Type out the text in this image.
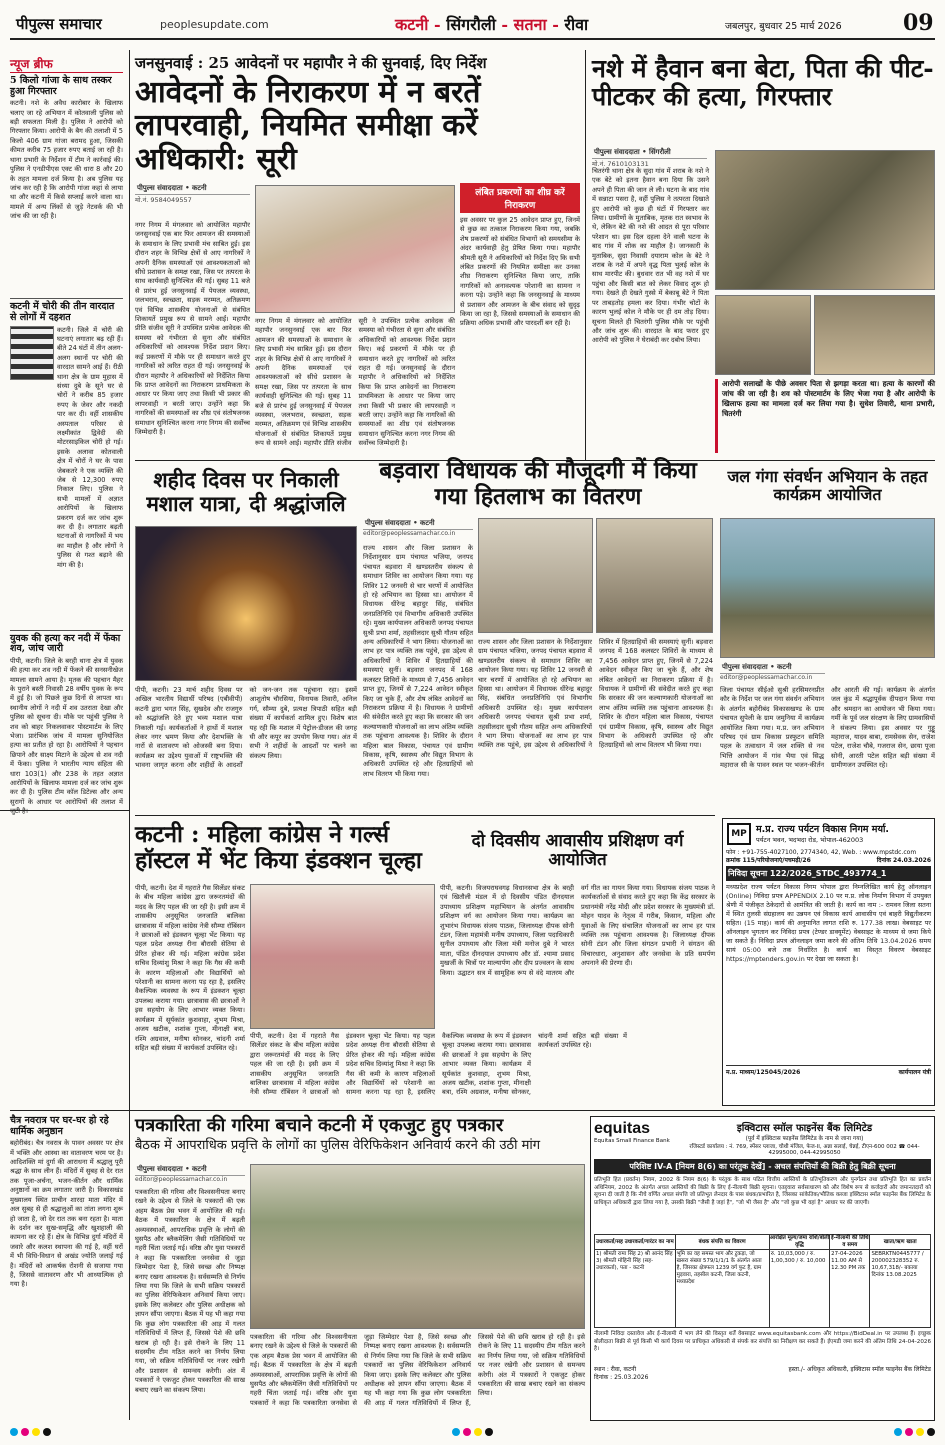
पीपुल्स समाचार	peoplesupdate.com	कटनी - सिंगरौली - सतना - रीवा	जबलपुर, बुधवार 25 मार्च 2026	09
न्यूज ब्रीफ
5 किलो गांजा के साथ तस्कर हुआ गिरफ्तार
कटनी। नशे के अवैध कारोबार के खिलाफ चलाए जा रहे अभियान में कोतवाली पुलिस को बड़ी सफलता मिली है। पुलिस ने आरोपी को गिरफ्तार किया। आरोपी के बैग की तलाशी में 5 किलो 406 ग्राम गांजा बरामद हुआ, जिसकी कीमत करीब 75 हजार रुपए बताई जा रही है। थाना प्रभारी के निर्देशन में टीम ने कार्रवाई की। पुलिस ने एनडीपीएस एक्ट की धारा 8 और 20 के तहत मामला दर्ज किया है। अब पुलिस यह जांच कर रही है कि आरोपी गांजा कहां से लाया था और कटनी में किसे सप्लाई करने वाला था। मामले में अन्य लिंकों से जुड़े नेटवर्क की भी जांच की जा रही है।
कटनी में चोरी की तीन वारदात से लोगों में दहशत
कटनी। जिले में चोरी की घटनाएं लगातार बढ़ रही हैं। बीते 24 घंटों में तीन अलग-अलग स्थानों पर चोरी की वारदात सामने आई हैं। रीठी थाना क्षेत्र के ग्राम मुहास में संध्या दुबे के सूने घर से चोरों ने करीब 85 हजार रुपए के जेवर और नकदी पार कर दी। वहीं शासकीय अस्पताल परिसर से लक्ष्मीकांत द्विवेदी की मोटरसाइकिल चोरी हो गई। इसके अलावा कोतवाली क्षेत्र में चोरों ने घर के पास जेबकतरे ने एक व्यक्ति की जेब से 12,300 रुपए निकाल लिए। पुलिस ने सभी मामलों में अज्ञात आरोपियों के खिलाफ प्रकरण दर्ज कर जांच शुरू कर दी है। लगातार बढ़ती घटनाओं से नागरिकों में भय का माहौल है और लोगों ने पुलिस से गश्त बढ़ाने की मांग की है।
युवक की हत्या कर नदी में फेंका शव, जांच जारी
पीपी, कटनी। जिले के बरही थाना क्षेत्र में युवक की हत्या कर शव नदी में फेंकने की सनसनीखेज मामला सामने आया है। मृतक की पहचान मैहर के पुराने बस्ती निवासी 28 वर्षीय युवक के रूप में हुई है। जो पिछले कुछ दिनों से लापता था। स्थानीय लोगों ने नदी में शव उतराता देखा और पुलिस को सूचना दी। मौके पर पहुंची पुलिस ने शव को बाहर निकलवाकर पोस्टमार्टम के लिए भेजा। प्रारंभिक जांच में मामला सुनियोजित हत्या का प्रतीत हो रहा है। आरोपियों ने पहचान छिपाने और साक्ष्य मिटाने के उद्देश्य से शव नदी में फेंका। पुलिस ने भारतीय न्याय संहिता की धारा 103(1) और 238 के तहत अज्ञात आरोपियों के खिलाफ मामला दर्ज कर जांच शुरू कर दी है। पुलिस टीम कॉल डिटेल्स और अन्य सुरागों के आधार पर आरोपियों की तलाश में जुटी है।
चैत्र नवरात्र पर घर-घर हो रहे धार्मिक अनुष्ठान
बहोरीबंद। चैत्र नवरात्र के पावन अवसर पर क्षेत्र में भक्ति और आस्था का वातावरण चरम पर है। आदिशक्ति मां दुर्गा की आराधना में श्रद्धालु पूरी श्रद्धा के साथ लीन हैं। मंदिरों में सुबह से देर रात तक पूजा-अर्चना, भजन-कीर्तन और धार्मिक अनुष्ठानों का क्रम लगातार जारी है। विकासखंड मुख्यालय स्थित प्राचीन शारदा माता मंदिर में अल सुबह से ही श्रद्धालुओं का तांता लगना शुरू हो जाता है, जो देर रात तक बना रहता है। माता के दर्शन कर सुख-समृद्धि और खुशहाली की कामना कर रहे हैं। क्षेत्र के विभिन्न दुर्गा मंदिरों में जवारे और कलश स्थापना की गई है, वहीं घरों में भी विधि-विधान से अखंड ज्योति जलाई गई है। मंदिरों को आकर्षक रोशनी से सजाया गया है, जिससे वातावरण और भी आध्यात्मिक हो गया है।
जनसुनवाई : 25 आवेदनों पर महापौर ने की सुनवाई, दिए निर्देश
आवेदनों के निराकरण में न बरतें लापरवाही, नियमित समीक्षा करें अधिकारी: सूरी
पीपुल्स संवाददाता • कटनी
मो.नं. 9584049557
नगर निगम में मंगलवार को आयोजित महापौर जनसुनवाई एक बार फिर आमजन की समस्याओं के समाधान के लिए प्रभावी मंच साबित हुई। इस दौरान शहर के विभिन्न क्षेत्रों से आए नागरिकों ने अपनी दैनिक समस्याओं एवं आवश्यकताओं को सीधे प्रशासन के समक्ष रखा, जिस पर तत्परता के साथ कार्यवाही सुनिश्चित की गई। सुबह 11 बजे से प्रारंभ हुई जनसुनवाई में पेयजल व्यवस्था, जलभराव, स्वच्छता, सड़क मरम्मत, अतिक्रमण एवं विभिन्न शासकीय योजनाओं से संबंधित शिकायतें प्रमुख रूप से सामने आईं। महापौर प्रीति संजीव सूरी ने उपस्थित प्रत्येक आवेदक की समस्या को गंभीरता से सुना और संबंधित अधिकारियों को आवश्यक निर्देश प्रदान किए। कई प्रकरणों में मौके पर ही समाधान करते हुए नागरिकों को त्वरित राहत दी गई। जनसुनवाई के दौरान महापौर ने अधिकारियों को निर्देशित किया कि प्राप्त आवेदनों का निराकरण प्राथमिकता के आधार पर किया जाए तथा किसी भी प्रकार की लापरवाही न बरती जाए। उन्होंने कहा कि नागरिकों की समस्याओं का शीघ्र एवं संतोषजनक समाधान सुनिश्चित करना नगर निगम की सर्वोच्च जिम्मेदारी है।
नगर निगम में मंगलवार को आयोजित महापौर जनसुनवाई एक बार फिर आमजन की समस्याओं के समाधान के लिए प्रभावी मंच साबित हुई। इस दौरान शहर के विभिन्न क्षेत्रों से आए नागरिकों ने अपनी दैनिक समस्याओं एवं आवश्यकताओं को सीधे प्रशासन के समक्ष रखा, जिस पर तत्परता के साथ कार्यवाही सुनिश्चित की गई। सुबह 11 बजे से प्रारंभ हुई जनसुनवाई में पेयजल व्यवस्था, जलभराव, स्वच्छता, सड़क मरम्मत, अतिक्रमण एवं विभिन्न शासकीय योजनाओं से संबंधित शिकायतें प्रमुख रूप से सामने आईं। महापौर प्रीति संजीव सूरी ने उपस्थित प्रत्येक आवेदक की समस्या को गंभीरता से सुना और संबंधित अधिकारियों को आवश्यक निर्देश प्रदान किए। कई प्रकरणों में मौके पर ही समाधान करते हुए नागरिकों को त्वरित राहत दी गई। जनसुनवाई के दौरान महापौर ने अधिकारियों को निर्देशित किया कि प्राप्त आवेदनों का निराकरण प्राथमिकता के आधार पर किया जाए तथा किसी भी प्रकार की लापरवाही न बरती जाए। उन्होंने कहा कि नागरिकों की समस्याओं का शीघ्र एवं संतोषजनक समाधान सुनिश्चित करना नगर निगम की सर्वोच्च जिम्मेदारी है।
लंबित प्रकरणों का शीघ्र करें निराकरण
इस अवसर पर कुल 25 आवेदन प्राप्त हुए, जिनमें से कुछ का तत्काल निराकरण किया गया, जबकि शेष प्रकरणों को संबंधित विभागों को समयसीमा के अंदर कार्यवाही हेतु प्रेषित किया गया। महापौर श्रीमती सूरी ने अधिकारियों को निर्देश दिए कि सभी लंबित प्रकरणों की नियमित समीक्षा कर उनका शीघ्र निराकरण सुनिश्चित किया जाए, ताकि नागरिकों को अनावश्यक परेशानी का सामना न करना पड़े। उन्होंने कहा कि जनसुनवाई के माध्यम से प्रशासन और आमजन के बीच संवाद को सुदृढ़ किया जा रहा है, जिससे समस्याओं के समाधान की प्रक्रिया अधिक प्रभावी और पारदर्शी बन रही है।
नशे में हैवान बना बेटा, पिता की पीट-पीटकर की हत्या, गिरफ्तार
पीपुल्स संवाददाता • सिंगरौली
मो.नं. 7610103131
चितरंगी थाना क्षेत्र के सुदा गांव में शराब के नशे ने एक बेटे को इतना हैवान बना दिया कि उसने अपने ही पिता की जान ले ली। घटना के बाद गांव में सन्नाटा पसरा है, वहीं पुलिस ने तत्परता दिखाते हुए आरोपी को कुछ ही घंटों में गिरफ्तार कर लिया। ग्रामीणों के मुताबिक, मृतक रात स्वभाव के थे, लेकिन बेटे की नशे की आदत से पूरा परिवार परेशान था। इस दिल दहला देने वाली घटना के बाद गांव में शोक का माहौल है। जानकारी के मुताबिक, सुदा निवासी दयाराम कोल के बेटे ने शराब के नशे में अपने वृद्ध पिता भुलई कोल के साथ मारपीट की। बुधवार रात भी वह नशे में घर पहुंचा और किसी बात को लेकर विवाद शुरू हो गया। देखते ही देखते गुस्से में बेकाबू बेटे ने पिता पर ताबड़तोड़ हमला कर दिया। गंभीर चोटों के कारण भुलई कोल ने मौके पर ही दम तोड़ दिया। सूचना मिलते ही चितरंगी पुलिस मौके पर पहुंची और जांच शुरू की। वारदात के बाद फरार हुए आरोपी को पुलिस ने घेराबंदी कर दबोच लिया।
आरोपी सलाखों के पीछे अवसर पिता से झगड़ा करता था। हत्या के कारणों की जांच की जा रही है। शव को पोस्टमार्टम के लिए भेजा गया है और आरोपी के खिलाफ हत्या का मामला दर्ज कर लिया गया है। सुधेश तिवारी, थाना प्रभारी, चितरंगी
शहीद दिवस पर निकाली मशाल यात्रा, दी श्रद्धांजलि
पीपी, कटनी। 23 मार्च शहीद दिवस पर अखिल भारतीय विद्यार्थी परिषद (एबीवीपी) कटनी द्वारा भगत सिंह, सुखदेव और राजगुरु को श्रद्धांजलि देते हुए भव्य मशाल यात्रा निकाली गई। कार्यकर्ताओं ने हाथों में मशाल लेकर नगर भ्रमण किया और देशभक्ति के नारों से वातावरण को ओजस्वी बना दिया। कार्यक्रम का उद्देश्य युवाओं में राष्ट्रभक्ति की भावना जागृत करना और शहीदों के आदर्शों को जन-जन तक पहुंचाना रहा। इसमें आशुतोष चौरसिया, विनायक तिवारी, अनिल गर्ग, सौम्या दुबे, प्रत्यक्ष त्रिपाठी सहित बड़ी संख्या में कार्यकर्ता शामिल हुए। विशेष बात यह रही कि मशाल में पेट्रोल-डीजल की जगह घी और कपूर का उपयोग किया गया। अंत में सभी ने शहीदों के आदर्शों पर चलने का संकल्प लिया।
बड़वारा विधायक की मौजूदगी में किया गया हितलाभ का वितरण
पीपुल्स संवाददाता • कटनी
editor@peoplessamachar.co.in
राज्य शासन और जिला प्रशासन के निर्देशानुसार ग्राम पंचायत भजिया, जनपद पंचायत बड़वारा में खण्डस्तरीय संकल्प से समाधान शिविर का आयोजन किया गया। यह शिविर 12 जनवरी से चार चरणों में आयोजित हो रहे अभियान का हिस्सा था। आयोजन में विधायक धीरेन्द्र बहादुर सिंह, संबंधित जनप्रतिनिधि एवं विभागीय अधिकारी उपस्थित रहे। मुख्य कार्यपालन अधिकारी जनपद पंचायत सुश्री प्रभा शर्मा, तहसीलदार सुश्री गौतम सहित अन्य अधिकारियों ने भाग लिया। योजनाओं का लाभ हर पात्र व्यक्ति तक पहुंचे, इस उद्देश्य से अधिकारियों ने शिविर में हितग्राहियों की समस्याएं सुनीं। बड़वारा जनपद में 168 कलस्टर शिविरों के माध्यम से 7,456 आवेदन प्राप्त हुए, जिनमें से 7,224 आवेदन स्वीकृत किए जा चुके हैं, और शेष लंबित आवेदनों का निराकरण प्रक्रिया में है। विधायक ने ग्रामीणों की संवेदीत करते हुए कहा कि सरकार की जन कल्याणकारी योजनाओं का लाभ अंतिम व्यक्ति तक पहुंचाना आवश्यक है। शिविर के दौरान महिला बाल विकास, पंचायत एवं ग्रामीण विकास, कृषि, स्वास्थ्य और विद्युत विभाग के अधिकारी उपस्थित रहे और हितग्राहियों को लाभ वितरण भी किया गया।
राज्य शासन और जिला प्रशासन के निर्देशानुसार ग्राम पंचायत भजिया, जनपद पंचायत बड़वारा में खण्डस्तरीय संकल्प से समाधान शिविर का आयोजन किया गया। यह शिविर 12 जनवरी से चार चरणों में आयोजित हो रहे अभियान का हिस्सा था। आयोजन में विधायक धीरेन्द्र बहादुर सिंह, संबंधित जनप्रतिनिधि एवं विभागीय अधिकारी उपस्थित रहे। मुख्य कार्यपालन अधिकारी जनपद पंचायत सुश्री प्रभा शर्मा, तहसीलदार सुश्री गौतम सहित अन्य अधिकारियों ने भाग लिया। योजनाओं का लाभ हर पात्र व्यक्ति तक पहुंचे, इस उद्देश्य से अधिकारियों ने शिविर में हितग्राहियों की समस्याएं सुनीं। बड़वारा जनपद में 168 कलस्टर शिविरों के माध्यम से 7,456 आवेदन प्राप्त हुए, जिनमें से 7,224 आवेदन स्वीकृत किए जा चुके हैं, और शेष लंबित आवेदनों का निराकरण प्रक्रिया में है। विधायक ने ग्रामीणों की संवेदीत करते हुए कहा कि सरकार की जन कल्याणकारी योजनाओं का लाभ अंतिम व्यक्ति तक पहुंचाना आवश्यक है। शिविर के दौरान महिला बाल विकास, पंचायत एवं ग्रामीण विकास, कृषि, स्वास्थ्य और विद्युत विभाग के अधिकारी उपस्थित रहे और हितग्राहियों को लाभ वितरण भी किया गया।
जल गंगा संवर्धन अभियान के तहत कार्यक्रम आयोजित
पीपुल्स संवाददाता • कटनी
editor@peoplessamachar.co.in
जिला पंचायत सीईओ सुश्री हरसिमरनप्रीत कौर के निर्देश पर जल गंगा संवर्धन अभियान के अंतर्गत बहोरीबंद विकासखण्ड के ग्राम पंचायत सुपेली के ग्राम जमुनिया में कार्यक्रम आयोजित किया गया। म.प्र. जन अभियान परिषद एवं ग्राम विकास प्रस्फुटन समिति पहल के तत्वाधान में जल शक्ति से नव भित्ति आयोजन में गांव भैया एवं सिद्ध महाराज सी के पावन स्थल पर भजन-कीर्तन और आरती की गई। कार्यक्रम के अंतर्गत जल कुंड में श्रद्धापूर्वक दीपदान किया गया और श्रमदान का आयोजन भी किया गया। गर्मी के पूर्व जल संरक्षण के लिए ग्रामवासियों ने संकल्प लिया। इस अवसर पर गुड्डू महाराज, यादव बाबा, रामसेवक सेन, राजेश पटेल, राजेश चौबे, गजराज सेन, छाया पूजा सोनी, आरती पटेल सहित बड़ी संख्या में ग्रामीणजन उपस्थित रहे।
कटनी : महिला कांग्रेस ने गर्ल्स हॉस्टल में भेंट किया इंडक्शन चूल्हा
पीपी, कटनी। देश में गहराते गैस सिलेंडर संकट के बीच महिला कांग्रेस द्वारा जरूरतमंदों की मदद के लिए पहल की जा रही है। इसी क्रम में शासकीय अनुसूचित जनजाति बालिका छात्रावास में महिला कांग्रेस नेत्री सौम्या रॉबिंसन ने छात्राओं को इंडक्शन चूल्हा भेंट किया। यह पहल प्रदेश अध्यक्ष रीना बौरासी सेतिया से प्रेरित होकर की गई। महिला कांग्रेस प्रदेश सचिव दिव्यांशु मिश्रा ने कहा कि गैस की कमी के कारण महिलाओं और विद्यार्थियों को परेशानी का सामना करना पड़ रहा है, इसलिए वैकल्पिक व्यवस्था के रूप में इंडक्शन चूल्हा उपलब्ध कराया गया। छात्रावास की छात्राओं ने इस सहयोग के लिए आभार व्यक्त किया। कार्यक्रम में सूर्यकांत कुशवाहा, शुभम मिश्रा, अजय खटीक, शशांक गुप्ता, मीनाक्षी बत्रा, रश्मि अग्रवाल, मनीषा सोनकर, चांदनी शर्मा सहित बड़ी संख्या में कार्यकर्ता उपस्थित रहे।
पीपी, कटनी। देश में गहराते गैस सिलेंडर संकट के बीच महिला कांग्रेस द्वारा जरूरतमंदों की मदद के लिए पहल की जा रही है। इसी क्रम में शासकीय अनुसूचित जनजाति बालिका छात्रावास में महिला कांग्रेस नेत्री सौम्या रॉबिंसन ने छात्राओं को इंडक्शन चूल्हा भेंट किया। यह पहल प्रदेश अध्यक्ष रीना बौरासी सेतिया से प्रेरित होकर की गई। महिला कांग्रेस प्रदेश सचिव दिव्यांशु मिश्रा ने कहा कि गैस की कमी के कारण महिलाओं और विद्यार्थियों को परेशानी का सामना करना पड़ रहा है, इसलिए वैकल्पिक व्यवस्था के रूप में इंडक्शन चूल्हा उपलब्ध कराया गया। छात्रावास की छात्राओं ने इस सहयोग के लिए आभार व्यक्त किया। कार्यक्रम में सूर्यकांत कुशवाहा, शुभम मिश्रा, अजय खटीक, शशांक गुप्ता, मीनाक्षी बत्रा, रश्मि अग्रवाल, मनीषा सोनकर, चांदनी शर्मा सहित बड़ी संख्या में कार्यकर्ता उपस्थित रहे।
दो दिवसीय आवासीय प्रशिक्षण वर्ग आयोजित
पीपी, कटनी। विजयराघवगढ़ विधानसभा क्षेत्र के बरही एवं खितौली मंडल में दो दिवसीय पंडित दीनदयाल उपाध्याय प्रशिक्षण महाभियान के अंतर्गत आवासीय प्रशिक्षण वर्ग का आयोजन किया गया। कार्यक्रम का शुभारंभ विधायक संजय पाठक, जिलाध्यक्ष दीपक सोनी टंडन, जिला महामंत्री मनीष उपाध्याय, जिला पदाधिकारी सुनील उपाध्याय और जिला मंत्री मनोज दुबे ने भारत माता, पंडित दीनदयाल उपाध्याय और डॉ. श्यामा प्रसाद मुखर्जी के चित्रों पर माल्यार्पण और दीप प्रज्वलन के साथ किया। उद्घाटन सत्र में सामूहिक रूप से वंदे मातरम और वर्ग गीत का गायन किया गया। विधायक संजय पाठक ने कार्यकर्ताओं से संवाद करते हुए कहा कि केंद्र सरकार के प्रधानमंत्री नरेंद्र मोदी और प्रदेश सरकार के मुख्यमंत्री डॉ. मोहन यादव के नेतृत्व में गरीब, किसान, महिला और युवाओं के लिए संचालित योजनाओं का लाभ हर पात्र व्यक्ति तक पहुंचाना आवश्यक है। जिलाध्यक्ष दीपक सोनी टंडन और जिला संगठन प्रभारी ने संगठन की विचारधारा, अनुशासन और जनसेवा के प्रति समर्पण अपनाने की प्रेरणा दी।
MP म.प्र. राज्य पर्यटन विकास निगम मर्या.
पर्यटन भवन, भदभदा रोड, भोपाल-462003
फोन : +91-755-4027100, 2774340, 42, Web. : www.mpstdc.com
क्रमांक 115/परियोजनाएं/पचमढ़ी/26	दिनांक 24.03.2026
निविदा सूचना 122/2026_STDC_493774_1
मध्यप्रदेश राज्य पर्यटन विकास निगम भोपाल द्वारा निम्नलिखित कार्य हेतु ऑनलाइन (Online) निविदा प्रपत्र APPENDIX 2.10 पर म.प्र. लोक निर्माण विभाग में उपयुक्त श्रेणी में पंजीकृत ठेकेदारों से आमंत्रित की जाती है। कार्य का नाम :- रामवन जिला सतना में स्थित तुलसी संग्रहालय का उन्नयन एवं विकास कार्य आवासीय एवं बाहरी विद्युतीकरण सहित। (15 माह)। कार्य की अनुमानित लागत राशि रु. 177.38 लाख। वेबसाइट पर ऑनलाइन भुगतान कर निविदा प्रपत्र (टेण्डर डाक्यूमेंट) वेबसाइट के माध्यम से जमा किये जा सकते हैं। निविदा प्रपत्र ऑनलाइन जमा करने की अंतिम तिथि 13.04.2026 समय सायं 05:00 बजे तक निर्धारित है। कार्य का विस्तृत विवरण वेबसाइट https://mptenders.gov.in पर देखा जा सकता है।
म.प्र. माध्यम/125045/2026	कार्यपालन यंत्री
पत्रकारिता की गरिमा बचाने कटनी में एकजुट हुए पत्रकार
बैठक में आपराधिक प्रवृत्ति के लोगों का पुलिस वेरिफिकेशन अनिवार्य करने की उठी मांग
पीपुल्स संवाददाता • कटनी
editor@peoplessamachar.co.in
पत्रकारिता की गरिमा और विश्वसनीयता बनाए रखने के उद्देश्य से जिले के पत्रकारों की एक अहम बैठक प्रेस भवन में आयोजित की गई। बैठक में पत्रकारिता के क्षेत्र में बढ़ती अव्यवस्थाओं, आपराधिक प्रवृत्ति के लोगों की घुसपैठ और ब्लैकमेलिंग जैसी गतिविधियों पर गहरी चिंता जताई गई। वरिष्ठ और युवा पत्रकारों ने कहा कि पत्रकारिता जनसेवा से जुड़ा जिम्मेदार पेशा है, जिसे स्वच्छ और निष्पक्ष बनाए रखना आवश्यक है। सर्वसम्मति से निर्णय लिया गया कि जिले के सभी सक्रिय पत्रकारों का पुलिस वेरिफिकेशन अनिवार्य किया जाए। इसके लिए कलेक्टर और पुलिस अधीक्षक को ज्ञापन सौंपा जाएगा। बैठक में यह भी कहा गया कि कुछ लोग पत्रकारिता की आड़ में गलत गतिविधियों में लिप्त हैं, जिससे पेशे की छवि खराब हो रही है। इसे रोकने के लिए 11 सदस्यीय टीम गठित करने का निर्णय लिया गया, जो सक्रिय गतिविधियों पर नजर रखेगी और प्रशासन से समन्वय करेगी। अंत में पत्रकारों ने एकजुट होकर पत्रकारिता की साख बचाए रखने का संकल्प लिया।
पत्रकारिता की गरिमा और विश्वसनीयता बनाए रखने के उद्देश्य से जिले के पत्रकारों की एक अहम बैठक प्रेस भवन में आयोजित की गई। बैठक में पत्रकारिता के क्षेत्र में बढ़ती अव्यवस्थाओं, आपराधिक प्रवृत्ति के लोगों की घुसपैठ और ब्लैकमेलिंग जैसी गतिविधियों पर गहरी चिंता जताई गई। वरिष्ठ और युवा पत्रकारों ने कहा कि पत्रकारिता जनसेवा से जुड़ा जिम्मेदार पेशा है, जिसे स्वच्छ और निष्पक्ष बनाए रखना आवश्यक है। सर्वसम्मति से निर्णय लिया गया कि जिले के सभी सक्रिय पत्रकारों का पुलिस वेरिफिकेशन अनिवार्य किया जाए। इसके लिए कलेक्टर और पुलिस अधीक्षक को ज्ञापन सौंपा जाएगा। बैठक में यह भी कहा गया कि कुछ लोग पत्रकारिता की आड़ में गलत गतिविधियों में लिप्त हैं, जिससे पेशे की छवि खराब हो रही है। इसे रोकने के लिए 11 सदस्यीय टीम गठित करने का निर्णय लिया गया, जो सक्रिय गतिविधियों पर नजर रखेगी और प्रशासन से समन्वय करेगी। अंत में पत्रकारों ने एकजुट होकर पत्रकारिता की साख बचाए रखने का संकल्प लिया।
equitas
Equitas Small Finance Bank
इक्विटास स्मॉल फाइनेंस बैंक लिमिटेड
(पूर्व में इक्विटास फाइनेंस लिमिटेड के नाम से जाना गया)
रजिस्टर्ड कार्यालय : नं. 769, स्पेंसर प्लाजा, चौथी मंजिल, फेज-II, अन्ना सलाई, चेन्नई, टीएन-600 002 ☎ 044-42995000, 044-42995050
परिशिष्ट IV-A [नियम 8(6) का परंतुक देखें] - अचल संपत्तियों की बिक्री हेतु बिक्री सूचना
प्रतिभूति हित (प्रवर्तन) नियम, 2002 के नियम 8(6) के परंतुक के साथ पठित वित्तीय आस्तियों के प्रतिभूतिकरण और पुनर्गठन तथा प्रतिभूति हित का प्रवर्तन अधिनियम, 2002 के अंतर्गत अचल आस्तियों की बिक्री के लिए ई-नीलामी बिक्री सूचना। एतद्द्वारा सर्वसाधारण को और विशेष रूप से कर्जदारों और जमानतदारों को सूचना दी जाती है कि नीचे वर्णित अचल संपत्ति जो प्रतिभूत लेनदार के पास बंधक/प्रभारित है, जिसका सांकेतिक/भौतिक कब्जा इक्विटास स्मॉल फाइनेंस बैंक लिमिटेड के प्राधिकृत अधिकारी द्वारा लिया गया है, उसकी बिक्री "जैसी है जहां है", "जो भी जैसा है" और "जो कुछ भी वहां है" आधार पर की जाएगी।
उधारकर्ता/सह उधारकर्ता/गारंटर का नाम	बंधक संपत्ति का विवरण	आरक्षित मूल्य/जमा राशि/बोली वृद्धि	ई-नीलामी की तिथि व समय	खाता/ऋण खाता
1) श्रीमती रामा सिंह 2) श्री आनंद सिंह 3) श्रीमती मोहिनी सिंह (सह-उधारकर्ता), पता - कटनी	भूमि का वह समस्त भाग और टुकड़ा, जो खसरा संख्या 579/1/1/1 के अंतर्गत आता है, जिसका क्षेत्रफल 1239 वर्ग फुट है, ग्राम मुड़वारा, तहसील कटनी, जिला कटनी, मध्यप्रदेश	रु. 10,03,000 / रु. 1,00,300 / रु. 10,000	27-04-2026 11.00 AM से 12.30 PM तक	SEBRKTN0445777 / 200002328352 रु. 10,67,318/- बकाया दिनांक 13.08.2025
नीलामी निविदा दस्तावेज और ई-नीलामी में भाग लेने की विस्तृत शर्तें वेबसाइट www.equitasbank.com और https://BidDeal.in पर उपलब्ध हैं। इच्छुक बोलीदाता बिक्री से पूर्व किसी भी कार्य दिवस पर प्राधिकृत अधिकारी से संपर्क कर संपत्ति का निरीक्षण कर सकते हैं। ईएमडी जमा करने की अंतिम तिथि 24-04-2026 है।
स्थान : रीवा, कटनी
दिनांक : 25.03.2026
हस्ता./- अधिकृत अधिकारी, इक्विटास स्मॉल फाइनेंस बैंक लिमिटेड
